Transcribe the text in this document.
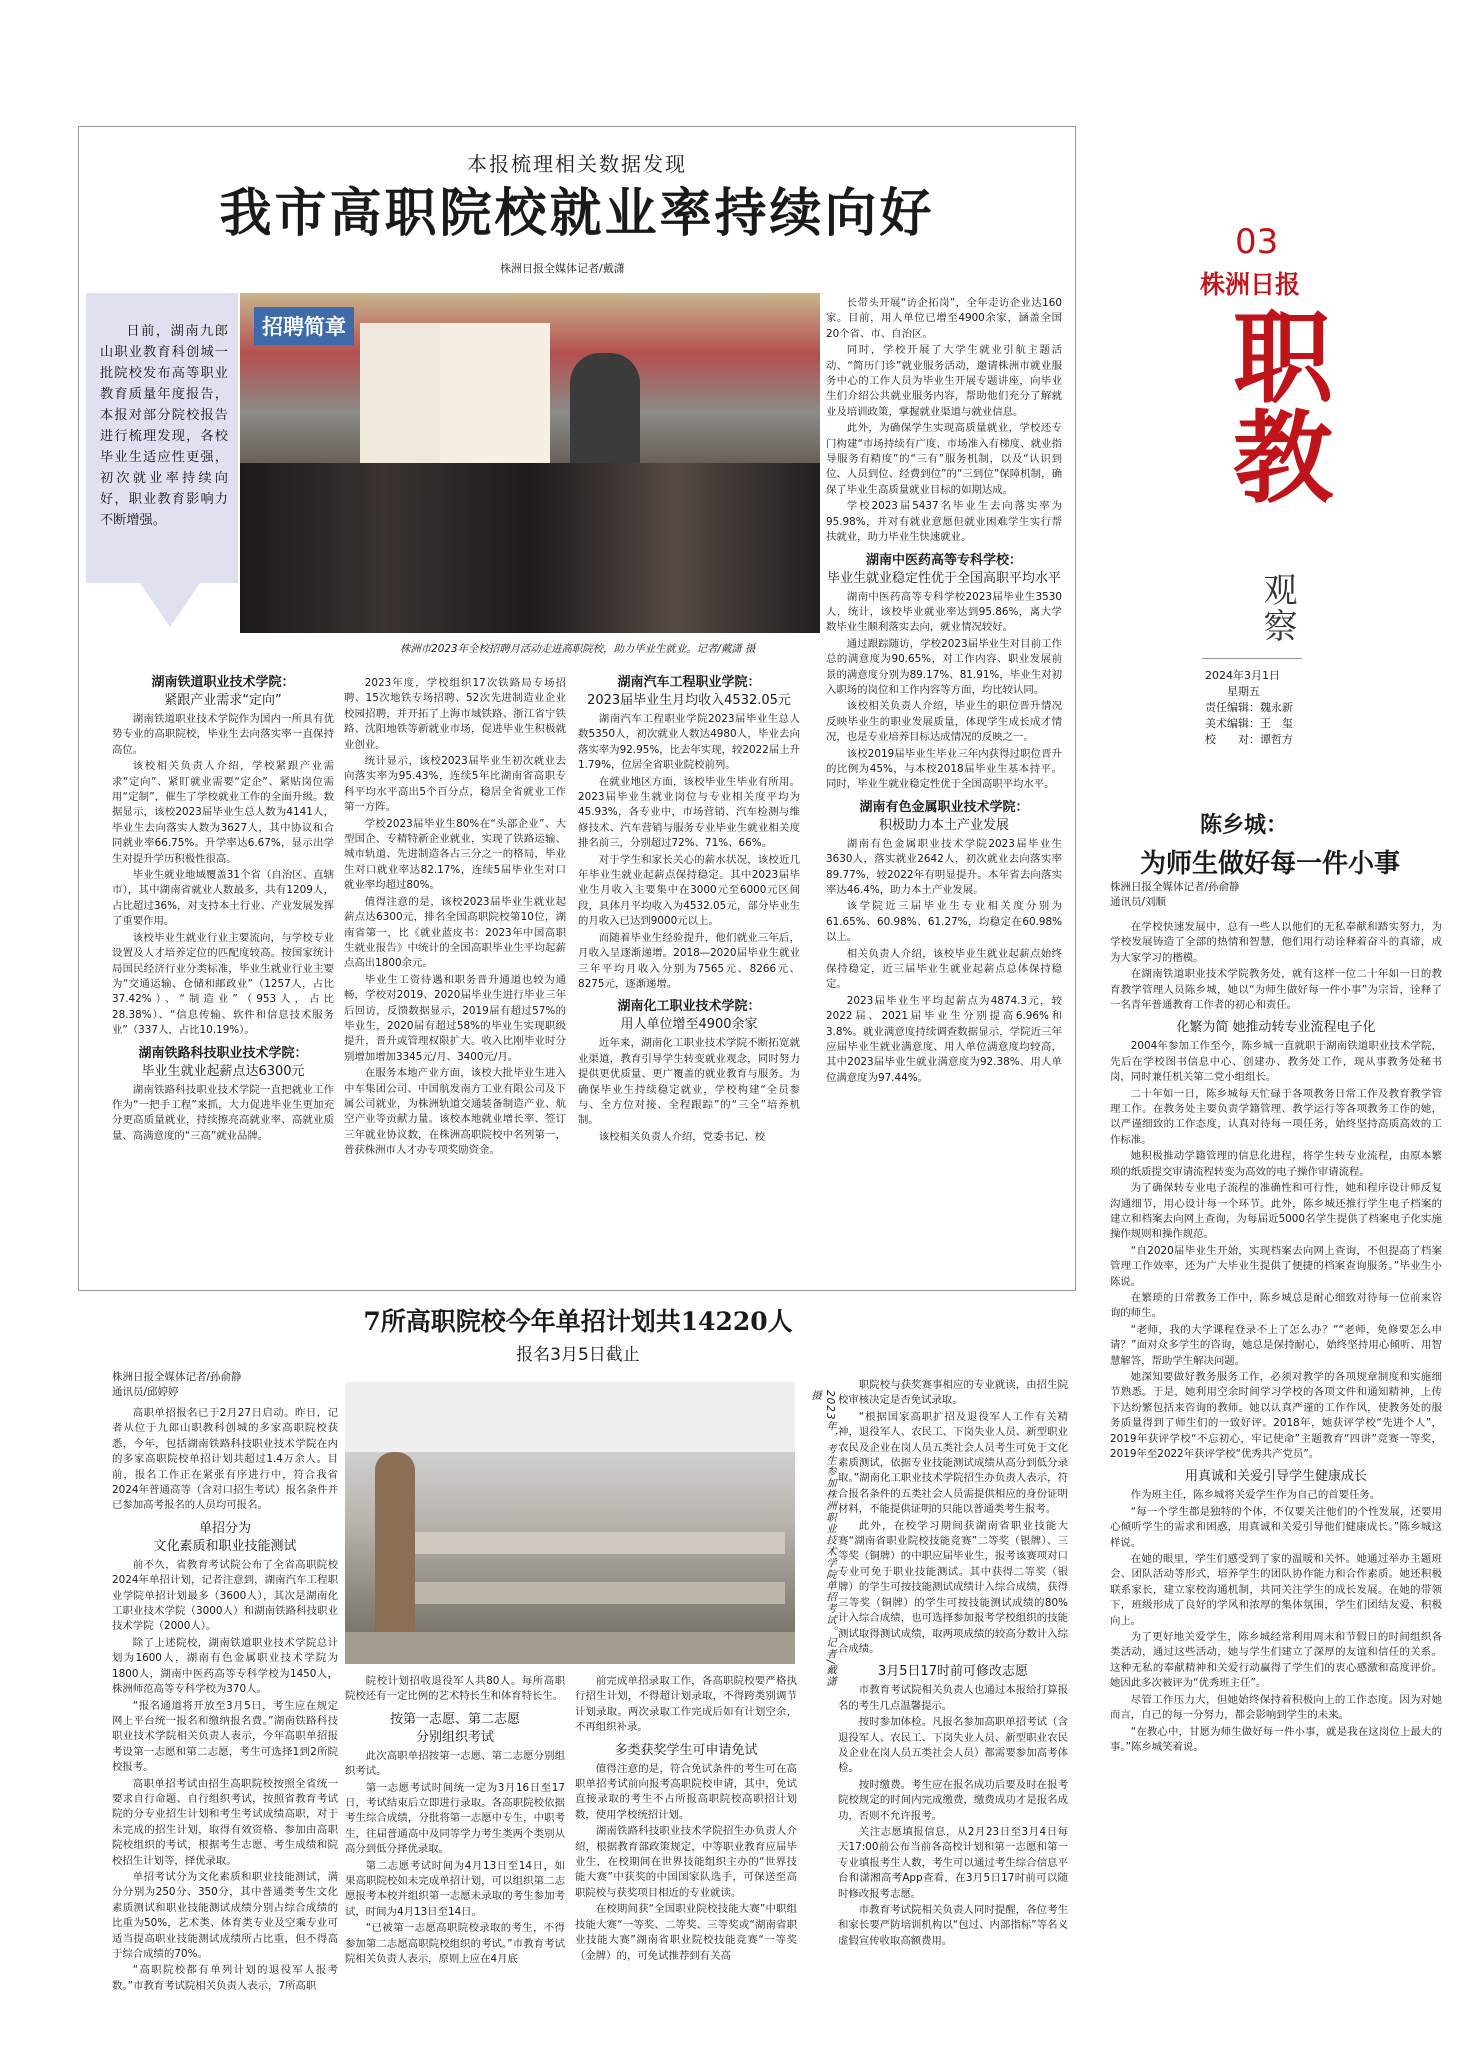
本报梳理相关数据发现
我市高职院校就业率持续向好
株洲日报全媒体记者/戴潇
日前，湖南九郎山职业教育科创城一批院校发布高等职业教育质量年度报告，本报对部分院校报告进行梳理发现，各校毕业生适应性更强，初次就业率持续向好，职业教育影响力不断增强。
招聘简章
株洲市2023年全校招聘月活动走进高职院校，助力毕业生就业。记者/戴潇 摄
湖南铁道职业技术学院：
紧跟产业需求“定向”

湖南铁道职业技术学院作为国内一所具有优势专业的高职院校，毕业生去向落实率一直保持高位。

该校相关负责人介绍，学校紧跟产业需求“定向”、紧盯就业需要“定企”、紧贴岗位需用“定制”，催生了学校就业工作的全面升级。数据显示，该校2023届毕业生总人数为4141人，毕业生去向落实人数为3627人，其中协议和合同就业率66.75%。升学率达6.67%，显示出学生对提升学历积极性很高。

毕业生就业地域覆盖31个省（自治区、直辖市），其中湖南省就业人数最多，共有1209人，占比超过36%，对支持本土行业、产业发展发挥了重要作用。

该校毕业生就业行业主要流向，与学校专业设置及人才培养定位的匹配度较高。按国家统计局国民经济行业分类标准，毕业生就业行业主要为“交通运输、仓储和邮政业”（1257人，占比37.42%）、“制造业”（953人，占比28.38%）、“信息传输、软件和信息技术服务业”（337人，占比10.19%）。

湖南铁路科技职业技术学院：
毕业生就业起薪点达6300元

湖南铁路科技职业技术学院一直把就业工作作为“一把手工程”来抓，大力促进毕业生更加充分更高质量就业，持续擦亮高就业率、高就业质量、高满意度的“三高”就业品牌。

2023年度，学校组织17次铁路局专场招聘、15次地铁专场招聘、52次先进制造业企业校园招聘，并开拓了上海市域铁路、浙江省宁铁路、沈阳地铁等新就业市场，促进毕业生积极就业创业。

统计显示，该校2023届毕业生初次就业去向落实率为95.43%，连续5年比湖南省高职专科平均水平高出5个百分点，稳居全省就业工作第一方阵。

学校2023届毕业生80%在“头部企业”、大型国企、专精特新企业就业，实现了铁路运输、城市轨道、先进制造各占三分之一的格局，毕业生对口就业率达82.17%，连续5届毕业生对口就业率均超过80%。

值得注意的是，该校2023届毕业生就业起薪点达6300元，排名全国高职院校第10位，湖南省第一，比《就业蓝皮书：2023年中国高职生就业报告》中统计的全国高职毕业生平均起薪点高出1800余元。

毕业生工资待遇和职务晋升通道也较为通畅，学校对2019、2020届毕业生进行毕业三年后回访，反馈数据显示，2019届有超过57%的毕业生，2020届有超过58%的毕业生实现职级提升，晋升或管理权限扩大。收入比刚毕业时分别增加增加3345元/月、3400元/月。

在服务本地产业方面，该校大批毕业生进入中车集团公司、中国航发南方工业有限公司及下属公司就业，为株洲轨道交通装备制造产业、航空产业等贡献力量。该校本地就业增长率、签订三年就业协议数，在株洲高职院校中名列第一，普获株洲市人才办专项奖励资金。

湖南汽车工程职业学院：
2023届毕业生月均收入4532.05元

湖南汽车工程职业学院2023届毕业生总人数5350人，初次就业人数达4980人，毕业去向落实率为92.95%，比去年实现，较2022届上升1.79%，位居全省职业院校前列。

在就业地区方面，该校毕业生毕业有所用。2023届毕业生就业岗位与专业相关度平均为45.93%，各专业中，市场营销、汽车检测与维修技术、汽车营销与服务专业毕业生就业相关度排名前三，分别超过72%、71%、66%。

对于学生和家长关心的薪水状况，该校近几年毕业生就业起薪点保持稳定。其中2023届毕业生月收入主要集中在3000元至6000元区间段，具体月平均收入为4532.05元，部分毕业生的月收入已达到9000元以上。

而随着毕业生经验提升，他们就业三年后，月收入呈逐渐递增。2018—2020届毕业生就业三年平均月收入分别为7565元、8266元、8275元，逐渐递增。

湖南化工职业技术学院：
用人单位增至4900余家

近年来，湖南化工职业技术学院不断拓宽就业渠道，教育引导学生转变就业观念，同时努力提供更优质量、更广覆盖的就业教育与服务。为确保毕业生持续稳定就业，学校构建“全员参与、全方位对接、全程跟踪”的“三全”培养机制。

该校相关负责人介绍，党委书记、校

长带头开展“访企拓岗”，全年走访企业达160家。目前，用人单位已增至4900余家，涵盖全国20个省、市、自治区。

同时，学校开展了大学生就业引航主题活动、“简历门诊”就业服务活动，邀请株洲市就业服务中心的工作人员为毕业生开展专题讲座，向毕业生们介绍公共就业服务内容，帮助他们充分了解就业及培训政策，掌握就业渠道与就业信息。

此外，为确保学生实现高质量就业，学校还专门构建“市场持续有广度、市场准入有梯度、就业指导服务有精度”的“三有”服务机制，以及“认识到位、人员到位、经费到位”的“三到位”保障机制，确保了毕业生高质量就业目标的如期达成。

学校2023届5437名毕业生去向落实率为95.98%，并对有就业意愿但就业困难学生实行帮扶就业，助力毕业生快速就业。

湖南中医药高等专科学校：
毕业生就业稳定性优于全国高职平均水平

湖南中医药高等专科学校2023届毕业生3530人，统计，该校毕业就业率达到95.86%，离大学数毕业生顺利落实去向，就业情况较好。

通过跟踪随访，学校2023届毕业生对目前工作总的满意度为90.65%，对工作内容、职业发展前景的满意度分别为89.17%、81.91%，毕业生对初入职场的岗位和工作内容等方面，均比较认同。

该校相关负责人介绍，毕业生的职位晋升情况反映毕业生的职业发展质量，体现学生成长成才情况，也是专业培养目标达成情况的反映之一。

该校2019届毕业生毕业三年内获得过职位晋升的比例为45%，与本校2018届毕业生基本持平。同时，毕业生就业稳定性优于全国高职平均水平。

湖南有色金属职业技术学院：
积极助力本土产业发展

湖南有色金属职业技术学院2023届毕业生3630人，落实就业2642人，初次就业去向落实率89.77%，较2022年有明显提升。本年省去向落实率达46.4%，助力本土产业发展。

该学院近三届毕业生专业相关度分别为61.65%、60.98%、61.27%，均稳定在60.98%以上。

相关负责人介绍，该校毕业生就业起薪点始终保持稳定，近三届毕业生就业起薪点总体保持稳定。

2023届毕业生平均起薪点为4874.3元，较2022届、2021届毕业生分别提高6.96%和3.8%。就业满意度持续调查数据显示，学院近三年应届毕业生就业满意度、用人单位满意度均较高，其中2023届毕业生就业满意度为92.38%、用人单位满意度为97.44%。

03
株洲日报
职教
观察
2024年3月1日
星期五
责任编辑：魏永新
美术编辑：王　玺
校　　对：谭哲方
陈乡城：
为师生做好每一件小事
株洲日报全媒体记者/孙俞静
通讯员/刘顺

在学校快速发展中，总有一些人以他们的无私奉献和踏实努力，为学校发展铸造了全部的热情和智慧，他们用行动诠释着奋斗的真谛，成为大家学习的楷模。

在湖南铁道职业技术学院教务处，就有这样一位二十年如一日的教育教学管理人员陈乡城，她以“为师生做好每一件小事”为宗旨，诠释了一名青年普通教育工作者的初心和责任。

化繁为简 她推动转专业流程电子化

2004年参加工作至今，陈乡城一直就职于湖南铁道职业技术学院，先后在学校图书信息中心、创建办、教务处工作，现从事教务处秘书岗，同时兼任机关第二党小组组长。

二十年如一日，陈乡城每天忙碌于各项教务日常工作及教育教学管理工作。在教务处主要负责学籍管理、教学运行等各项教务工作的她，以严谨细致的工作态度，认真对待每一项任务，始终坚持高质高效的工作标准。

她积极推动学籍管理的信息化进程，将学生转专业流程，由原本繁琐的纸质提交审请流程转变为高效的电子操作审请流程。

为了确保转专业电子流程的准确性和可行性，她和程序设计师反复沟通细节，用心设计每一个环节。此外，陈乡城还推行学生电子档案的建立和档案去向网上查询，为每届近5000名学生提供了档案电子化实施操作规则和操作规范。

“自2020届毕业生开始，实现档案去向网上查询，不但提高了档案管理工作效率，还为广大毕业生提供了便捷的档案查询服务。”毕业生小陈说。

在繁琐的日常教务工作中，陈乡城总是耐心细致对待每一位前来咨询的师生。

“老师，我的大学课程登录不上了怎么办？”“老师，免修要怎么申请？”面对众多学生的咨询，她总是保持耐心，始终坚持用心倾听、用智慧解答，帮助学生解决问题。

她深知要做好教务服务工作，必须对教学的各项规章制度和实施细节熟悉。于是，她利用空余时间学习学校的各项文件和通知精神，上传下达纷繁包括来咨询的教师。她以认真严谨的工作作风，使教务处的服务质量得到了师生们的一致好评。2018年，她获评学校“先进个人”，2019年获评学校“不忘初心，牢记使命”主题教育“四讲”竞赛一等奖，2019年至2022年获评学校“优秀共产党员”。

用真诚和关爱引导学生健康成长

作为班主任，陈乡城将关爱学生作为自己的首要任务。

“每一个学生都是独特的个体，不仅要关注他们的个性发展，还要用心倾听学生的需求和困惑，用真诚和关爱引导他们健康成长。”陈乡城这样说。

在她的眼里，学生们感受到了家的温暖和关怀。她通过举办主题班会、团队活动等形式，培养学生的团队协作能力和合作素质。她还积极联系家长，建立家校沟通机制，共同关注学生的成长发展。在她的带领下，班级形成了良好的学风和浓厚的集体氛围，学生们团结友爱、积极向上。

为了更好地关爱学生，陈乡城经常利用周末和节假日的时间组织各类活动，通过这些活动，她与学生们建立了深厚的友谊和信任的关系。这种无私的奉献精神和关爱行动赢得了学生们的衷心感激和高度评价。她因此多次被评为“优秀班主任”。

尽管工作压力大，但她始终保持着积极向上的工作态度。因为对她而言，自己的每一分努力，都会影响到学生的未来。

“在教心中，甘愿为师生做好每一件小事，就是我在这岗位上最大的事。”陈乡城笑着说。

7所高职院校今年单招计划共14220人
报名3月5日截止
株洲日报全媒体记者/孙俞静
通讯员/邱婷婷

高职单招报名已于2月27日启动。昨日，记者从位于九郎山职教科创城的多家高职院校获悉，今年，包括湖南铁路科技职业技术学院在内的多家高职院校单招计划共超过1.4万余人。目前，报名工作正在紧张有序进行中，符合我省2024年普通高等（含对口招生考试）报名条件并已参加高考报名的人员均可报名。

单招分为
文化素质和职业技能测试

前不久，省教育考试院公布了全省高职院校2024年单招计划，记者注意到，湖南汽车工程职业学院单招计划最多（3600人），其次是湖南化工职业技术学院（3000人）和湖南铁路科技职业技术学院（2000人）。

除了上述院校，湖南铁道职业技术学院总计划为1600人，湖南有色金属职业技术学院为1800人，湖南中医药高等专科学校为1450人，株洲师范高等专科学校为370人。

“报名通道将开放至3月5日，考生应在规定网上平台统一报名和缴纳报名费。”湖南铁路科技职业技术学院相关负责人表示，今年高职单招报考设第一志愿和第二志愿，考生可选择1到2所院校报考。

高职单招考试由招生高职院校按照全省统一要求自行命题、自行组织考试，按照省教育考试院的分专业招生计划和考生考试成绩高职，对于未完成的招生计划，取得有效资格、参加由高职院校组织的考试，根据考生志愿、考生成绩和院校招生计划等，择优录取。

单招考试分为文化素质和职业技能测试，满分分别为250分、350分，其中普通类考生文化素质测试和职业技能测试成绩分别占综合成绩的比重为50%，艺术类、体育类专业及空乘专业可适当提高职业技能测试成绩所占比重，但不得高于综合成绩的70%。

“高职院校都有单列计划的退役军人报考数。”市教育考试院相关负责人表示，7所高职

2023年，考生参加株洲职业技术学院单招考试。记者/戴潇 摄

院校计划招收退役军人共80人。每所高职院校还有一定比例的艺术特长生和体育特长生。

按第一志愿、第二志愿
分别组织考试

此次高职单招按第一志愿、第二志愿分别组织考试。

第一志愿考试时间统一定为3月16日至17日，考试结束后立即进行录取。各高职院校依据考生综合成绩，分批将第一志愿中专生，中职考生，往届普通高中及同等学力考生类两个类别从高分到低分择优录取。

第二志愿考试时间为4月13日至14日，如果高职院校如未完成单招计划，可以组织第二志愿报考本校并组织第一志愿未录取的考生参加考试，时间为4月13日至14日。

“已被第一志愿高职院校录取的考生，不得参加第二志愿高职院校组织的考试。”市教育考试院相关负责人表示，原则上应在4月底

前完成单招录取工作，各高职院校要严格执行招生计划，不得超计划录取，不得跨类别调节计划录取。两次录取工作完成后如有计划空余，不再组织补录。

多类获奖学生可申请免试

值得注意的是，符合免试条件的考生可在高职单招考试前向报考高职院校申请，其中，免试直接录取的考生不占所报高职院校高职招计划数，使用学校统招计划。

湖南铁路科技职业技术学院招生办负责人介绍，根据教育部政策规定，中等职业教育应届毕业生，在校期间在世界技能组织主办的“世界技能大赛”中获奖的中国国家队选手，可保送至高职院校与获奖项目相近的专业就读。

在校期间获“全国职业院校技能大赛”中职组技能大赛“一等奖、二等奖、三等奖或“湖南省职业技能大赛”湖南省职业院校技能竞赛“一等奖（金牌）的，可免试推荐到有关高

职院校与获奖赛事相应的专业就读，由招生院校审核决定是否免试录取。

“根据国家高职扩招及退役军人工作有关精神，退役军人、农民工、下岗失业人员、新型职业农民及企业在岗人员五类社会人员考生可免于文化素质测试，依据专业技能测试成绩从高分到低分录取。”湖南化工职业技术学院招生办负责人表示，符合报名条件的五类社会人员需提供相应的身份证明材料，不能提供证明的只能以普通类考生报考。

此外，在校学习期间获湖南省职业技能大赛“湖南省职业院校技能竞赛”二等奖（银牌）、三等奖（铜牌）的中职应届毕业生，报考该赛项对口专业可免于职业技能测试。其中获得二等奖（银牌）的学生可按技能测试成绩计入综合成绩，获得三等奖（铜牌）的学生可按技能测试成绩的80%计入综合成绩，也可选择参加报考学校组织的技能测试取得测试成绩，取两项成绩的较高分数计入综合成绩。

3月5日17时前可修改志愿

市教育考试院相关负责人也通过本报给打算报名的考生几点温馨提示。

按时参加体检。凡报名参加高职单招考试（含退役军人、农民工、下岗失业人员、新型职业农民及企业在岗人员五类社会人员）都需要参加高考体检。

按时缴费。考生应在报名成功后要及时在报考院校规定的时间内完成缴费，缴费成功才是报名成功，否则不允许报考。

关注志愿填报信息，从2月23日至3月4日每天17:00前公布当前各高校计划和第一志愿和第一专业填报考生人数，考生可以通过考生综合信息平台和潇湘高考App查看，在3月5日17时前可以随时修改报考志愿。

市教育考试院相关负责人同时提醒，各位考生和家长要严防培训机构以“包过、内部指标”等名义虚假宣传收取高额费用。
